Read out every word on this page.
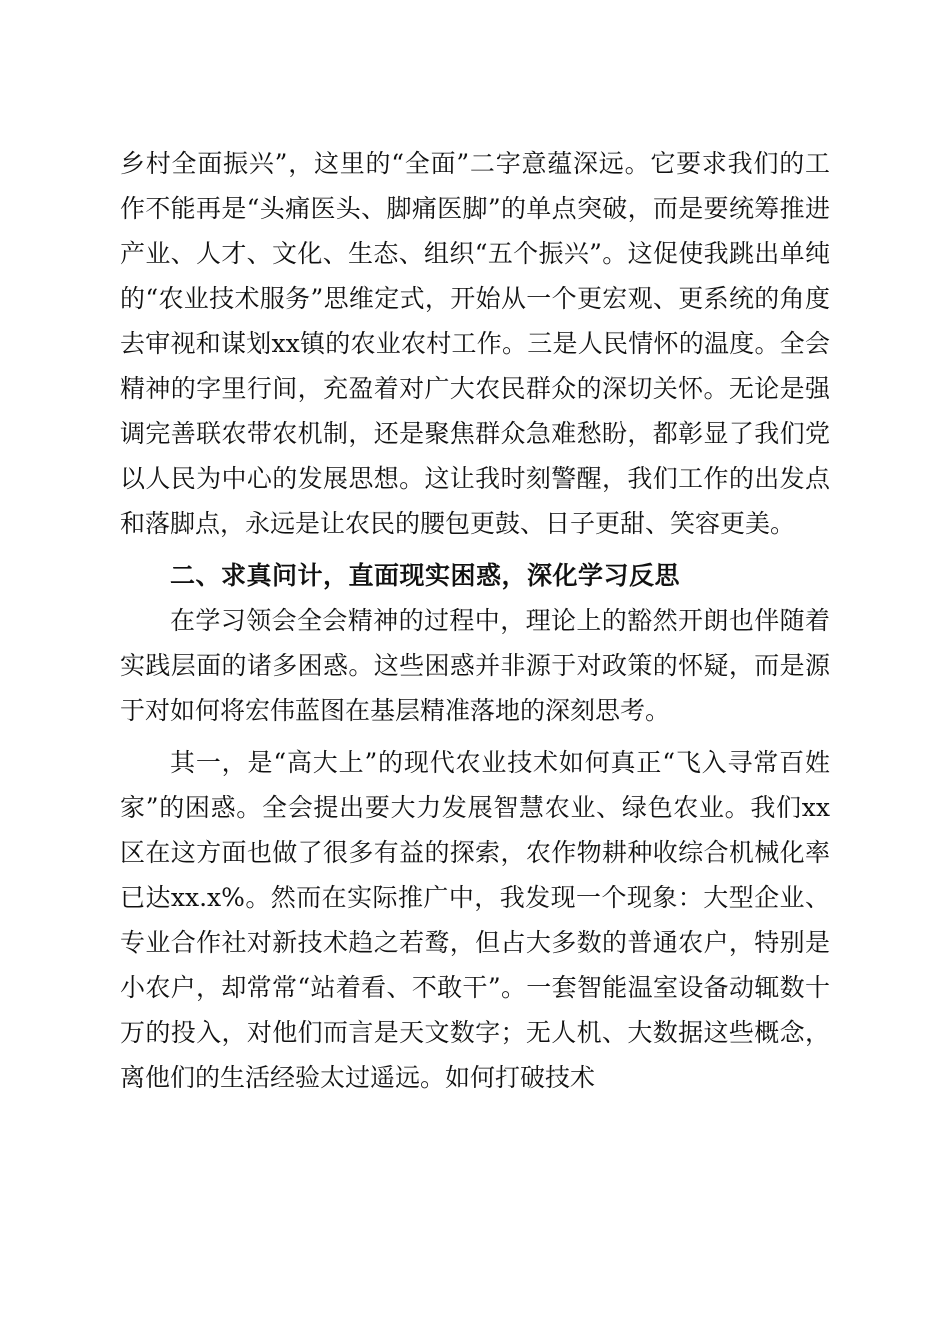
乡村全面振兴”，这里的“全面”二字意蕴深远。它要求我们的工作不能再是“头痛医头、脚痛医脚”的单点突破，而是要统筹推进产业、人才、文化、生态、组织“五个振兴”。这促使我跳出单纯的“农业技术服务”思维定式，开始从一个更宏观、更系统的角度去审视和谋划xx镇的农业农村工作。三是人民情怀的温度。全会精神的字里行间，充盈着对广大农民群众的深切关怀。无论是强调完善联农带农机制，还是聚焦群众急难愁盼，都彰显了我们党以人民为中心的发展思想。这让我时刻警醒，我们工作的出发点和落脚点，永远是让农民的腰包更鼓、日子更甜、笑容更美。

二、求真问计，直面现实困惑，深化学习反思

在学习领会全会精神的过程中，理论上的豁然开朗也伴随着实践层面的诸多困惑。这些困惑并非源于对政策的怀疑，而是源于对如何将宏伟蓝图在基层精准落地的深刻思考。

其一，是“高大上”的现代农业技术如何真正“飞入寻常百姓家”的困惑。全会提出要大力发展智慧农业、绿色农业。我们xx区在这方面也做了很多有益的探索，农作物耕种收综合机械化率已达xx.x%。然而在实际推广中，我发现一个现象：大型企业、专业合作社对新技术趋之若鹜，但占大多数的普通农户，特别是小农户，却常常“站着看、不敢干”。一套智能温室设备动辄数十万的投入，对他们而言是天文数字；无人机、大数据这些概念，离他们的生活经验太过遥远。如何打破技术
